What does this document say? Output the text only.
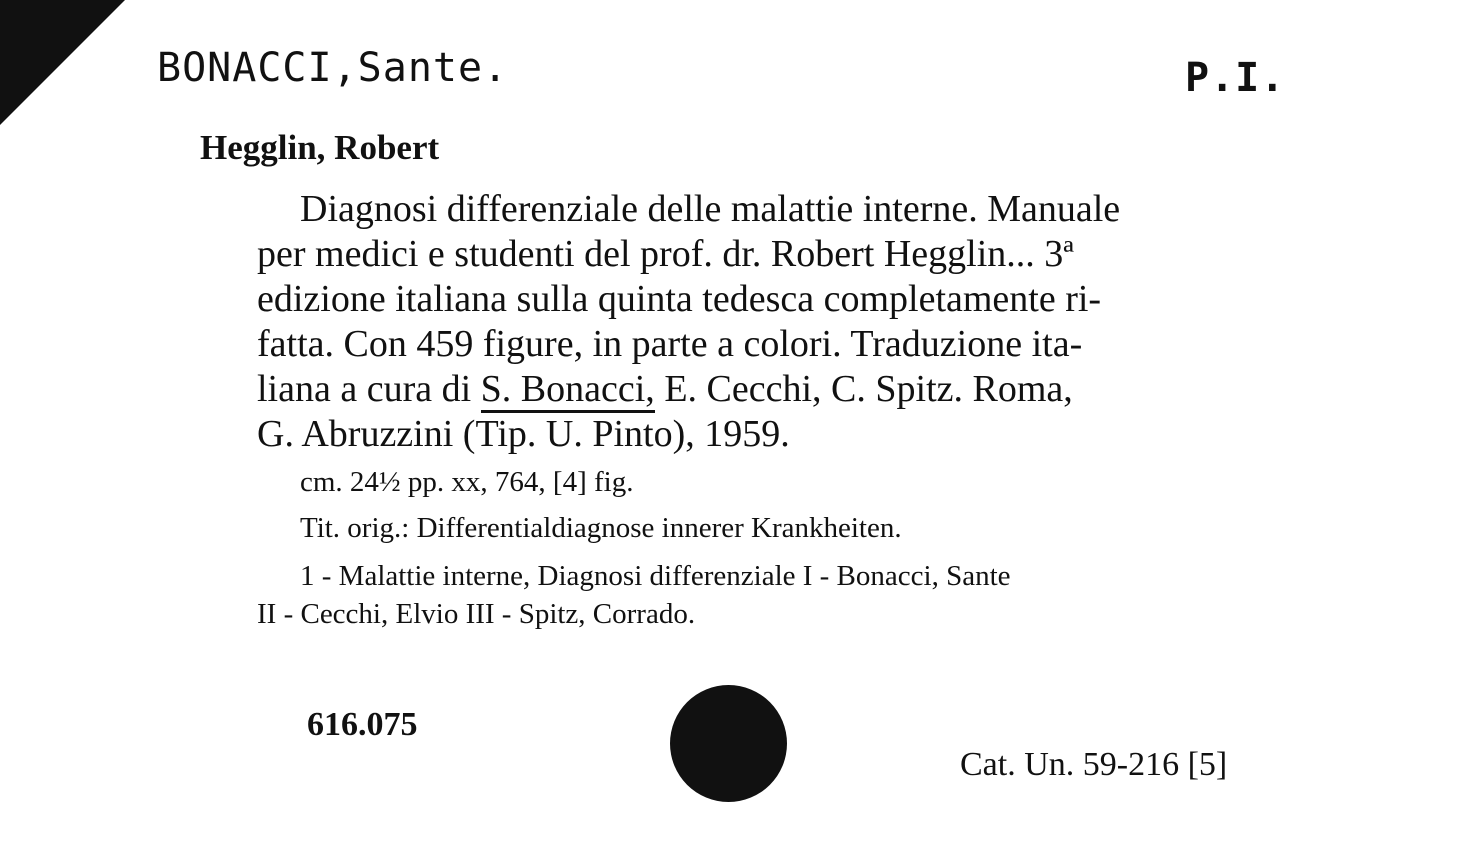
BONACCI,Sante.	P.I.
Hegglin, Robert
Diagnosi differenziale delle malattie interne. Manuale
per medici e studenti del prof. dr. Robert Hegglin... 3ª
edizione italiana sulla quinta tedesca completamente ri-
fatta. Con 459 figure, in parte a colori. Traduzione ita-
liana a cura di S. Bonacci, E. Cecchi, C. Spitz. Roma,
G. Abruzzini (Tip. U. Pinto), 1959.
cm. 24½ pp. xx, 764, [4] fig.
Tit. orig.: Differentialdiagnose innerer Krankheiten.
1 - Malattie interne, Diagnosi differenziale I - Bonacci, Sante
II - Cecchi, Elvio III - Spitz, Corrado.
616.075
Cat. Un. 59-216 [5]
